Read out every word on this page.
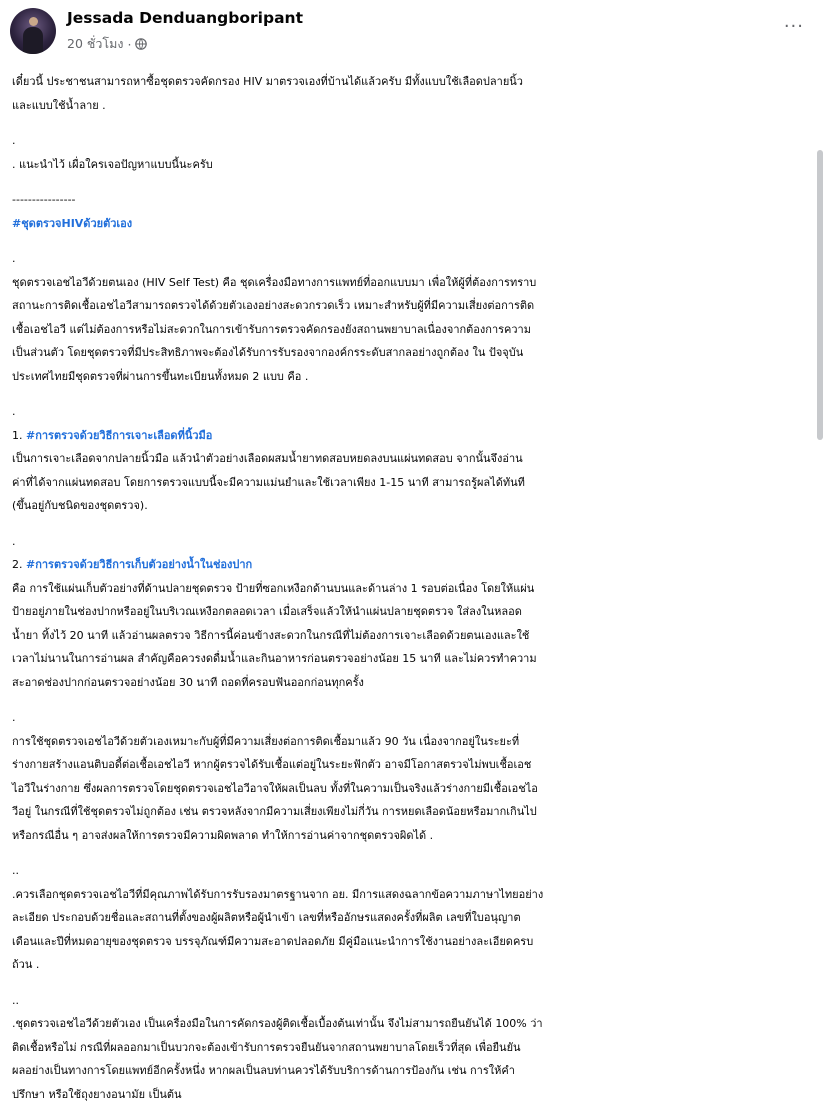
Jessada Denduangboripant
20 ชั่วโมง ·
···
เดี๋ยวนี้ ประชาชนสามารถหาซื้อชุดตรวจคัดกรอง HIV มาตรวจเองที่บ้านได้แล้วครับ มีทั้งแบบใช้เลือดปลายนิ้ว
และแบบใช้น้ำลาย .
.
. แนะนำไว้ เผื่อใครเจอปัญหาแบบนี้นะครับ
----------------
#ชุดตรวจHIVด้วยตัวเอง
.
ชุดตรวจเอชไอวีด้วยตนเอง (HIV Self Test) คือ ชุดเครื่องมือทางการแพทย์ที่ออกแบบมา เพื่อให้ผู้ที่ต้องการทราบ
สถานะการติดเชื้อเอชไอวีสามารถตรวจได้ด้วยตัวเองอย่างสะดวกรวดเร็ว เหมาะสำหรับผู้ที่มีความเสี่ยงต่อการติด
เชื้อเอชไอวี แต่ไม่ต้องการหรือไม่สะดวกในการเข้ารับการตรวจคัดกรองยังสถานพยาบาลเนื่องจากต้องการความ
เป็นส่วนตัว โดยชุดตรวจที่มีประสิทธิภาพจะต้องได้รับการรับรองจากองค์กรระดับสากลอย่างถูกต้อง ใน ปัจจุบัน
ประเทศไทยมีชุดตรวจที่ผ่านการขึ้นทะเบียนทั้งหมด 2 แบบ คือ .
.
1. #การตรวจด้วยวิธีการเจาะเลือดที่นิ้วมือ
เป็นการเจาะเลือดจากปลายนิ้วมือ แล้วนำตัวอย่างเลือดผสมน้ำยาทดสอบหยดลงบนแผ่นทดสอบ จากนั้นจึงอ่าน
ค่าที่ได้จากแผ่นทดสอบ โดยการตรวจแบบนี้จะมีความแม่นยำและใช้เวลาเพียง 1-15 นาที สามารถรู้ผลได้ทันที
(ขึ้นอยู่กับชนิดของชุดตรวจ).
.
2. #การตรวจด้วยวิธีการเก็บตัวอย่างน้ำในช่องปาก
คือ การใช้แผ่นเก็บตัวอย่างที่ด้านปลายชุดตรวจ ป้ายที่ซอกเหงือกด้านบนและด้านล่าง 1 รอบต่อเนื่อง โดยให้แผ่น
ป้ายอยู่ภายในช่องปากหรืออยู่ในบริเวณเหงือกตลอดเวลา เมื่อเสร็จแล้วให้นำแผ่นปลายชุดตรวจ ใส่ลงในหลอด
น้ำยา ทิ้งไว้ 20 นาที แล้วอ่านผลตรวจ วิธีการนี้ค่อนข้างสะดวกในกรณีที่ไม่ต้องการเจาะเลือดด้วยตนเองและใช้
เวลาไม่นานในการอ่านผล สำคัญคือควรงดดื่มน้ำและกินอาหารก่อนตรวจอย่างน้อย 15 นาที และไม่ควรทำความ
สะอาดช่องปากก่อนตรวจอย่างน้อย 30 นาที ถอดที่ครอบฟันออกก่อนทุกครั้ง
.
การใช้ชุดตรวจเอชไอวีด้วยตัวเองเหมาะกับผู้ที่มีความเสี่ยงต่อการติดเชื้อมาแล้ว 90 วัน เนื่องจากอยู่ในระยะที่
ร่างกายสร้างแอนติบอดี้ต่อเชื้อเอชไอวี หากผู้ตรวจได้รับเชื้อแต่อยู่ในระยะฟักตัว อาจมีโอกาสตรวจไม่พบเชื้อเอช
ไอวีในร่างกาย ซึ่งผลการตรวจโดยชุดตรวจเอชไอวีอาจให้ผลเป็นลบ ทั้งที่ในความเป็นจริงแล้วร่างกายมีเชื้อเอชไอ
วีอยู่ ในกรณีที่ใช้ชุดตรวจไม่ถูกต้อง เช่น ตรวจหลังจากมีความเสี่ยงเพียงไม่กี่วัน การหยดเลือดน้อยหรือมากเกินไป
หรือกรณีอื่น ๆ อาจส่งผลให้การตรวจมีความผิดพลาด ทำให้การอ่านค่าจากชุดตรวจผิดได้ .
..
.ควรเลือกชุดตรวจเอชไอวีที่มีคุณภาพได้รับการรับรองมาตรฐานจาก อย. มีการแสดงฉลากข้อความภาษาไทยอย่าง
ละเอียด ประกอบด้วยชื่อและสถานที่ตั้งของผู้ผลิตหรือผู้นำเข้า เลขที่หรืออักษรแสดงครั้งที่ผลิต เลขที่ใบอนุญาต
เดือนและปีที่หมดอายุของชุดตรวจ บรรจุภัณฑ์มีความสะอาดปลอดภัย มีคู่มือแนะนำการใช้งานอย่างละเอียดครบ
ถ้วน .
..
.ชุดตรวจเอชไอวีด้วยตัวเอง เป็นเครื่องมือในการคัดกรองผู้ติดเชื้อเบื้องต้นเท่านั้น จึงไม่สามารถยืนยันได้ 100% ว่า
ติดเชื้อหรือไม่ กรณีที่ผลออกมาเป็นบวกจะต้องเข้ารับการตรวจยืนยันจากสถานพยาบาลโดยเร็วที่สุด เพื่อยืนยัน
ผลอย่างเป็นทางการโดยแพทย์อีกครั้งหนึ่ง หากผลเป็นลบท่านควรได้รับบริการด้านการป้องกัน เช่น การให้คำ
ปรึกษา หรือใช้ถุงยางอนามัย เป็นต้น
